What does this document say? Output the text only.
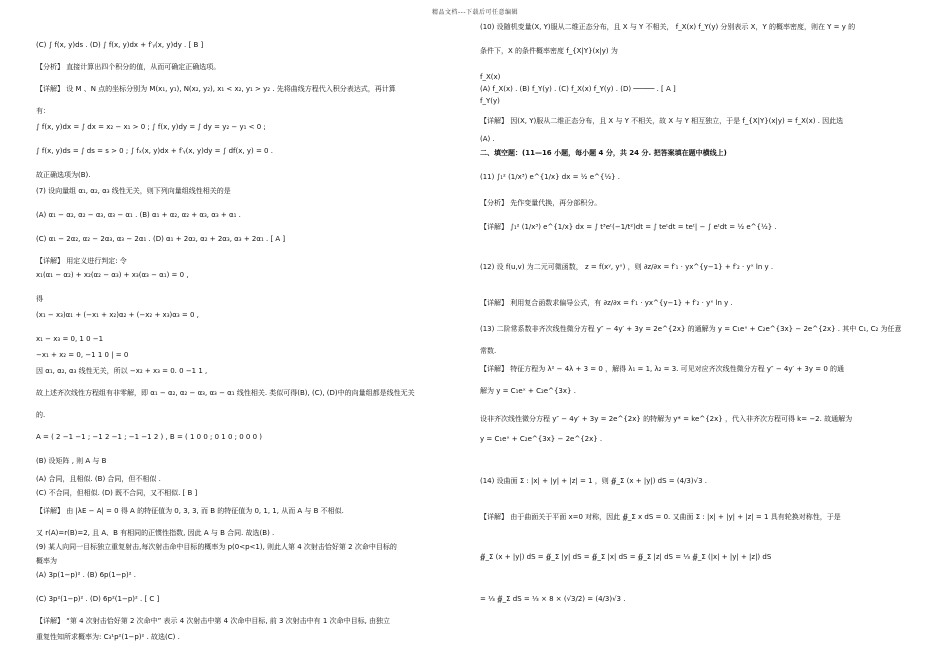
精品文档---下载后可任意编辑
(C) ∫ f(x, y)ds . (D) ∫ f(x, y)dx + f′ᵧ(x, y)dy . [ B ]
【分析】 直接计算出四个积分的值，从而可确定正确选项。
【详解】 设 M 、N 点的坐标分别为 M(x₁, y₁), N(x₂, y₂), x₁ < x₂, y₁ > y₂ . 先将曲线方程代入积分表达式，再计算
有：
∫ f(x, y)dx = ∫ dx = x₂ − x₁ > 0 ; ∫ f(x, y)dy = ∫ dy = y₂ − y₁ < 0 ;
∫ f(x, y)ds = ∫ ds = s > 0 ; ∫ fₓ(x, y)dx + f′ᵧ(x, y)dy = ∫ df(x, y) = 0 .
故正确选项为(B).
(7) 设向量组 α₁, α₂, α₃ 线性无关，则下列向量组线性相关的是
(A) α₁ − α₂, α₂ − α₃, α₃ − α₁ . (B) α₁ + α₂, α₂ + α₃, α₃ + α₁ .
(C) α₁ − 2α₂, α₂ − 2α₃, α₃ − 2α₁ . (D) α₁ + 2α₂, α₂ + 2α₃, α₃ + 2α₁ . [ A ]
【详解】 用定义进行判定: 令
x₁(α₁ − α₂) + x₂(α₂ − α₃) + x₃(α₃ − α₁) = 0 ,
得
(x₁ − x₃)α₁ + (−x₁ + x₂)α₂ + (−x₂ + x₃)α₃ = 0 ,
x₁ − x₃ = 0, 1 0 −1
−x₁ + x₂ = 0, −1 1 0 | = 0
因 α₁, α₂, α₃ 线性无关，所以 −x₂ + x₃ = 0. 0 −1 1 ,
故上述齐次线性方程组有非零解，即 α₁ − α₂, α₂ − α₃, α₃ − α₁ 线性相关. 类似可得(B), (C), (D)中的向量组都是线性无关
的.
A = ( 2 −1 −1 ; −1 2 −1 ; −1 −1 2 ) , B = ( 1 0 0 ; 0 1 0 ; 0 0 0 )
(B) 设矩阵 , 则 A 与 B
(A) 合同，且相似. (B) 合同，但不相似 .
(C) 不合同，但相似. (D) 既不合同，又不相似. [ B ]
【详解】 由 |λE − A| = 0 得 A 的特征值为 0, 3, 3, 而 B 的特征值为 0, 1, 1, 从而 A 与 B 不相似.
又 r(A)=r(B)=2, 且 A、B 有相同的正惯性指数, 因此 A 与 B 合同. 故选(B) .
(9) 某人向同一目标独立重复射击,每次射击命中目标的概率为 p(0<p<1), 则此人第 4 次射击恰好第 2 次命中目标的
概率为
(A) 3p(1−p)² . (B) 6p(1−p)² .
(C) 3p²(1−p)² . (D) 6p²(1−p)² . [ C ]
【详解】 “第 4 次射击恰好第 2 次命中” 表示 4 次射击中第 4 次命中目标, 前 3 次射击中有 1 次命中目标, 由独立
重复性知所求概率为: C₃¹p²(1−p)² . 故选(C) .
(10) 设随机变量(X, Y)服从二维正态分布，且 X 与 Y 不相关， f_X(x) f_Y(y) 分别表示 X，Y 的概率密度，则在 Y = y 的
条件下，X 的条件概率密度 f_{X|Y}(x|y) 为
f_X(x)
(A) f_X(x) . (B) f_Y(y) . (C) f_X(x) f_Y(y) . (D) ───── . [ A ]
f_Y(y)
【详解】 因(X, Y)服从二维正态分布，且 X 与 Y 不相关，故 X 与 Y 相互独立，于是 f_{X|Y}(x|y) = f_X(x) . 因此选
(A) .
二、填空题：(11—16 小题，每小题 4 分，共 24 分. 把答案填在题中横线上)
(11) ∫₁² (1/x³) e^{1/x} dx = ½ e^{½} .
【分析】 先作变量代换，再分部积分。
【详解】 ∫₁² (1/x³) e^{1/x} dx = ∫ t³eᵗ(−1/t²)dt = ∫ teᵗdt = teᵗ| − ∫ eᵗdt = ½ e^{½} .
(12) 设 f(u,v) 为二元可微函数， z = f(xʸ, yˣ) ，则 ∂z/∂x = f′₁ · yx^{y−1} + f′₂ · yˣ ln y .
【详解】 利用复合函数求偏导公式，有 ∂z/∂x = f′₁ · yx^{y−1} + f′₂ · yˣ ln y .
(13) 二阶常系数非齐次线性微分方程 y″ − 4y′ + 3y = 2e^{2x} 的通解为 y = C₁eˣ + C₂e^{3x} − 2e^{2x} . 其中 C₁, C₂ 为任意
常数.
【详解】 特征方程为 λ² − 4λ + 3 = 0 ，解得 λ₁ = 1, λ₂ = 3. 可见对应齐次线性微分方程 y″ − 4y′ + 3y = 0 的通
解为 y = C₁eˣ + C₂e^{3x} .
设非齐次线性微分方程 y″ − 4y′ + 3y = 2e^{2x} 的特解为 y* = ke^{2x} ，代入非齐次方程可得 k= −2. 故通解为
y = C₁eˣ + C₂e^{3x} − 2e^{2x} .
(14) 设曲面 Σ : |x| + |y| + |z| = 1 ，则 ∯_Σ (x + |y|) dS = (4/3)√3 .
【详解】 由于曲面关于平面 x=0 对称，因此 ∯_Σ x dS = 0. 又曲面 Σ : |x| + |y| + |z| = 1 具有轮换对称性，于是
∯_Σ (x + |y|) dS = ∯_Σ |y| dS = ∯_Σ |x| dS = ∯_Σ |z| dS = ⅓ ∯_Σ (|x| + |y| + |z|) dS
= ⅓ ∯_Σ dS = ⅓ × 8 × (√3/2) = (4/3)√3 .
